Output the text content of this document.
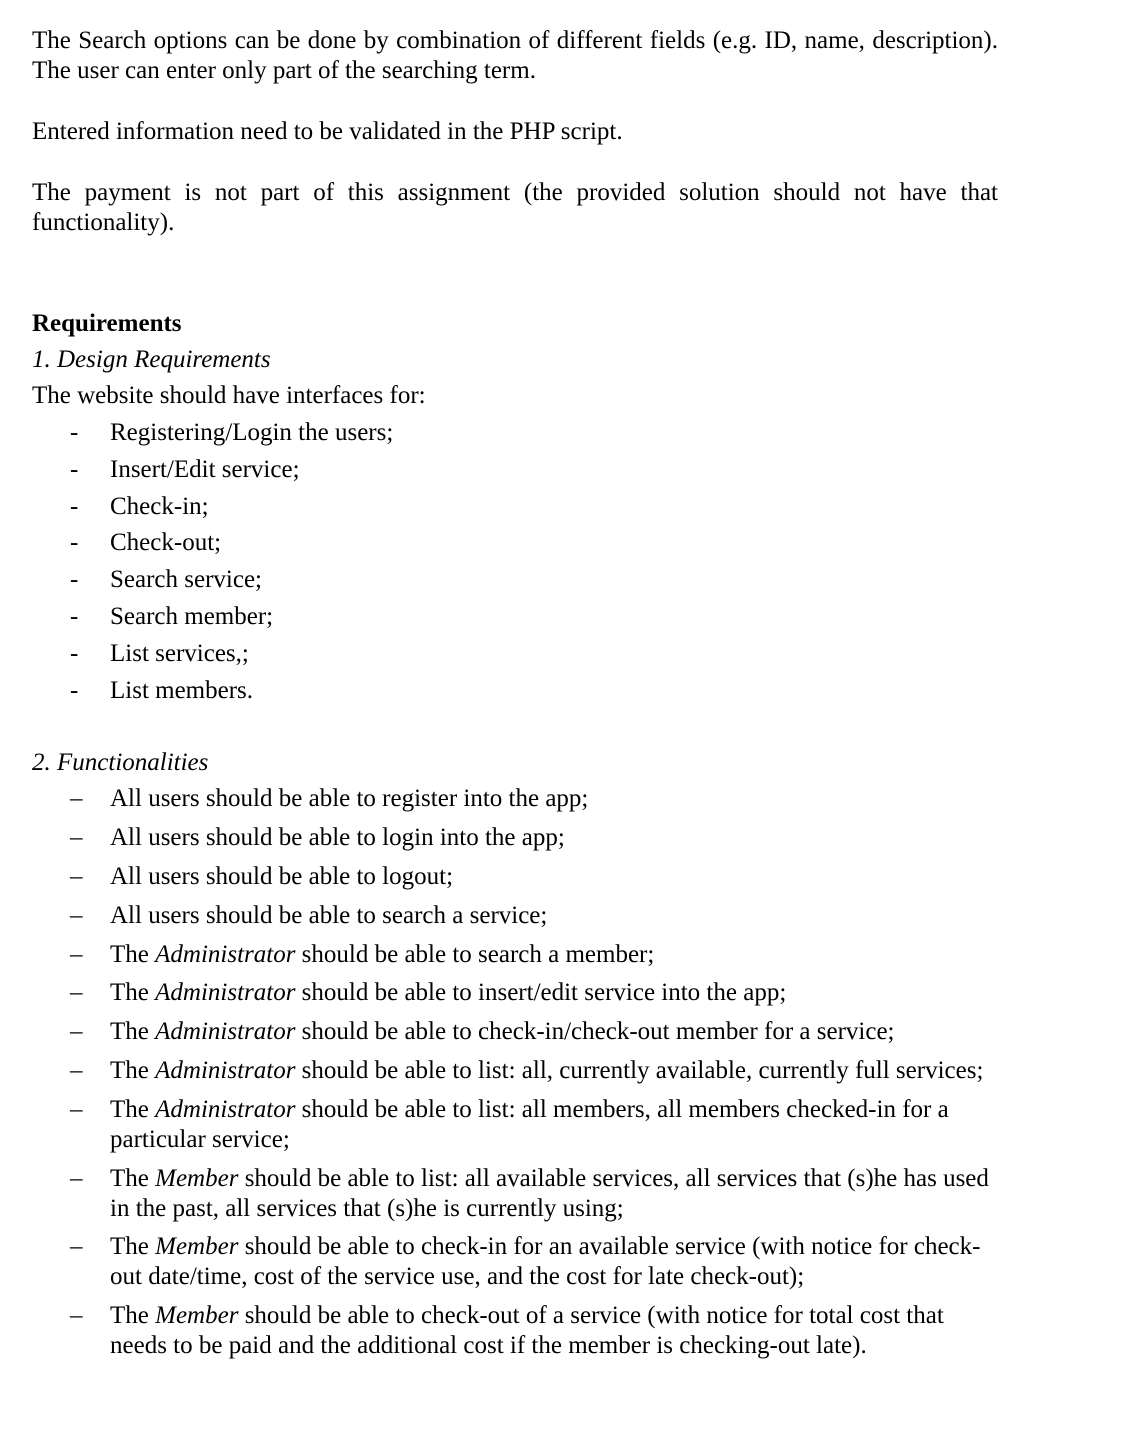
The Search options can be done by combination of different fields (e.g. ID, name, description). The user can enter only part of the searching term.

Entered information need to be validated in the PHP script.

The payment is not part of this assignment (the provided solution should not have that functionality).

Requirements

1. Design Requirements

The website should have interfaces for:

- Registering/Login the users;
- Insert/Edit service;
- Check-in;
- Check-out;
- Search service;
- Search member;
- List services,;
- List members.

2. Functionalities

– All users should be able to register into the app;
– All users should be able to login into the app;
– All users should be able to logout;
– All users should be able to search a service;
– The Administrator should be able to search a member;
– The Administrator should be able to insert/edit service into the app;
– The Administrator should be able to check-in/check-out member for a service;
– The Administrator should be able to list: all, currently available, currently full services;
– The Administrator should be able to list: all members, all members checked-in for a particular service;
– The Member should be able to list: all available services, all services that (s)he has used in the past, all services that (s)he is currently using;
– The Member should be able to check-in for an available service (with notice for check-out date/time, cost of the service use, and the cost for late check-out);
– The Member should be able to check-out of a service (with notice for total cost that needs to be paid and the additional cost if the member is checking-out late).
